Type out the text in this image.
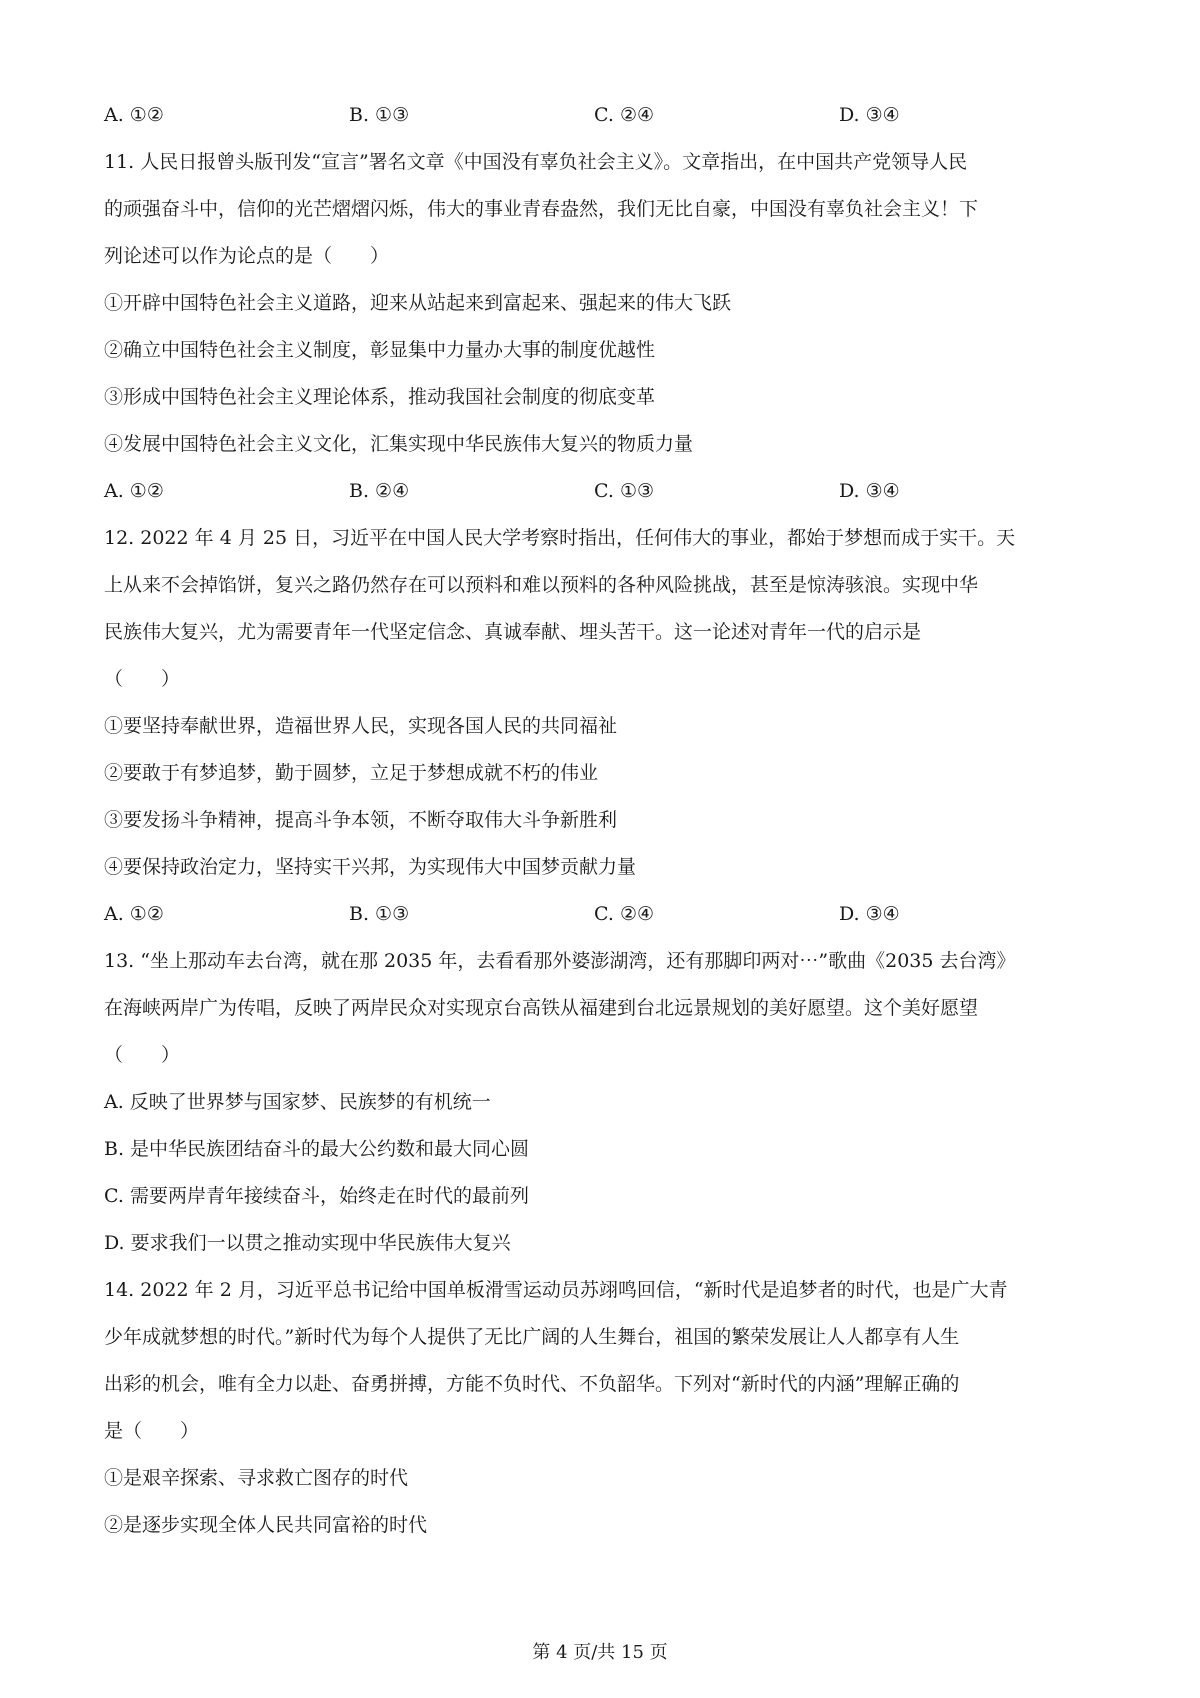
A. ①②	B. ①③	C. ②④	D. ③④
11. 人民日报曾头版刊发“宣言”署名文章《中国没有辜负社会主义》。文章指出，在中国共产党领导人民
的顽强奋斗中，信仰的光芒熠熠闪烁，伟大的事业青春盎然，我们无比自豪，中国没有辜负社会主义！下
列论述可以作为论点的是（　　）
①开辟中国特色社会主义道路，迎来从站起来到富起来、强起来的伟大飞跃
②确立中国特色社会主义制度，彰显集中力量办大事的制度优越性
③形成中国特色社会主义理论体系，推动我国社会制度的彻底变革
④发展中国特色社会主义文化，汇集实现中华民族伟大复兴的物质力量
A. ①②	B. ②④	C. ①③	D. ③④
12. 2022 年 4 月 25 日，习近平在中国人民大学考察时指出，任何伟大的事业，都始于梦想而成于实干。天
上从来不会掉馅饼，复兴之路仍然存在可以预料和难以预料的各种风险挑战，甚至是惊涛骇浪。实现中华
民族伟大复兴，尤为需要青年一代坚定信念、真诚奉献、埋头苦干。这一论述对青年一代的启示是
（　　）
①要坚持奉献世界，造福世界人民，实现各国人民的共同福祉
②要敢于有梦追梦，勤于圆梦，立足于梦想成就不朽的伟业
③要发扬斗争精神，提高斗争本领，不断夺取伟大斗争新胜利
④要保持政治定力，坚持实干兴邦，为实现伟大中国梦贡献力量
A. ①②	B. ①③	C. ②④	D. ③④
13. “坐上那动车去台湾，就在那 2035 年，去看看那外婆澎湖湾，还有那脚印两对⋯”歌曲《2035 去台湾》
在海峡两岸广为传唱，反映了两岸民众对实现京台高铁从福建到台北远景规划的美好愿望。这个美好愿望
（　　）
A. 反映了世界梦与国家梦、民族梦的有机统一
B. 是中华民族团结奋斗的最大公约数和最大同心圆
C. 需要两岸青年接续奋斗，始终走在时代的最前列
D. 要求我们一以贯之推动实现中华民族伟大复兴
14. 2022 年 2 月，习近平总书记给中国单板滑雪运动员苏翊鸣回信，“新时代是追梦者的时代，也是广大青
少年成就梦想的时代。”新时代为每个人提供了无比广阔的人生舞台，祖国的繁荣发展让人人都享有人生
出彩的机会，唯有全力以赴、奋勇拼搏，方能不负时代、不负韶华。下列对“新时代的内涵”理解正确的
是（　　）
①是艰辛探索、寻求救亡图存的时代
②是逐步实现全体人民共同富裕的时代
第 4 页/共 15 页
